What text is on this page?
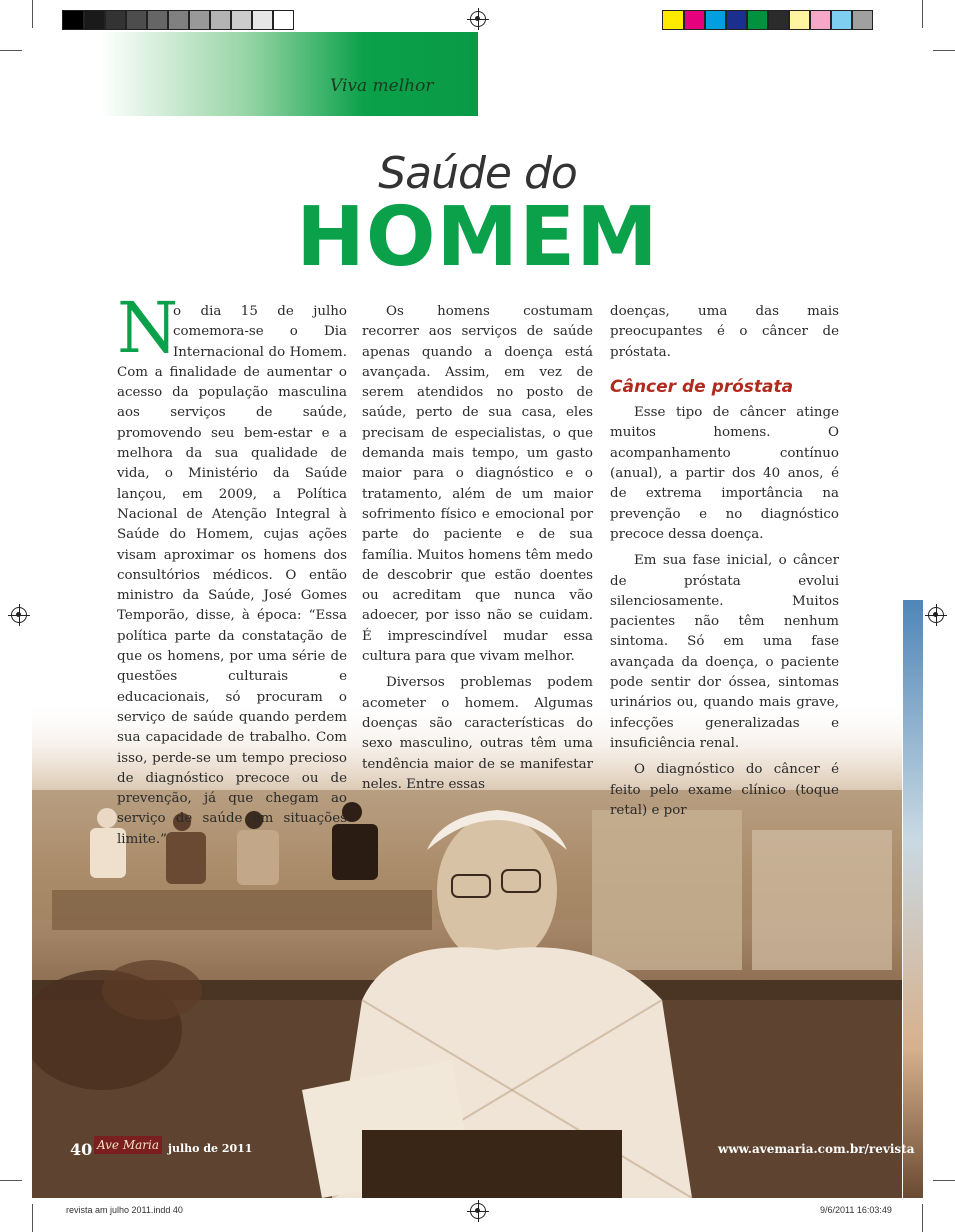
Viva melhor
Saúde do
HOMEM
N

o dia 15 de julho comemora-se o Dia Internacional do Homem. Com a finalidade de aumentar o acesso da população masculina aos serviços de saúde, promovendo seu bem-estar e a melhora da sua qualidade de vida, o Ministério da Saúde lançou, em 2009, a Política Nacional de Atenção Integral à Saúde do Homem, cujas ações visam aproximar os homens dos consultórios médicos. O então ministro da Saúde, José Gomes Temporão, disse, à época: “Essa política parte da constatação de que os homens, por uma série de questões culturais e educacionais, só procuram o serviço de saúde quando perdem sua capacidade de trabalho. Com isso, perde-se um tempo precioso de diagnóstico precoce ou de prevenção, já que chegam ao serviço de saúde em situações limite.”

Os homens costumam recorrer aos serviços de saúde apenas quando a doença está avançada. Assim, em vez de serem atendidos no posto de saúde, perto de sua casa, eles precisam de especialistas, o que demanda mais tempo, um gasto maior para o diagnóstico e o tratamento, além de um maior sofrimento físico e emocional por parte do paciente e de sua família. Muitos homens têm medo de descobrir que estão doentes ou acreditam que nunca vão adoecer, por isso não se cuidam. É imprescindível mudar essa cultura para que vivam melhor.

Diversos problemas podem acometer o homem. Algumas doenças são características do sexo masculino, outras têm uma tendência maior de se manifestar neles. Entre essas

doenças, uma das mais preocupantes é o câncer de próstata.

Câncer de próstata

Esse tipo de câncer atinge muitos homens. O acompanhamento contínuo (anual), a partir dos 40 anos, é de extrema importância na prevenção e no diagnóstico precoce dessa doença.

Em sua fase inicial, o câncer de próstata evolui silenciosamente. Muitos pacientes não têm nenhum sintoma. Só em uma fase avançada da doença, o paciente pode sentir dor óssea, sintomas urinários ou, quando mais grave, infecções generalizadas e insuficiência renal.

O diagnóstico do câncer é feito pelo exame clínico (toque retal) e por

40 Ave Maria julho de 2011	www.avemaria.com.br/revista
revista am julho 2011.indd 40	9/6/2011 16:03:49
